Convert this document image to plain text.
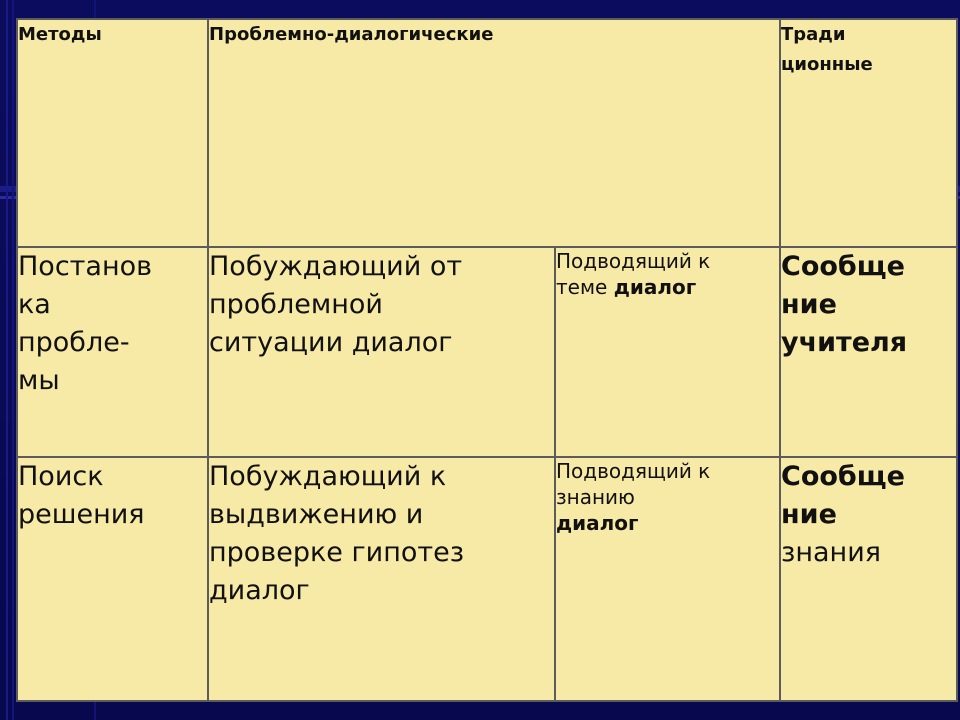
Методы	Проблемно-диалогические		Тради
ционные

Постанов
ка
пробле-
мы	Побуждающий от
проблемной
ситуации диалог	Подводящий к
теме диалог	Сообще
ние
учителя

Поиск
решения	Побуждающий к
выдвижению и
проверке гипотез
диалог	Подводящий к
знанию
диалог	Сообще
ние
знания
